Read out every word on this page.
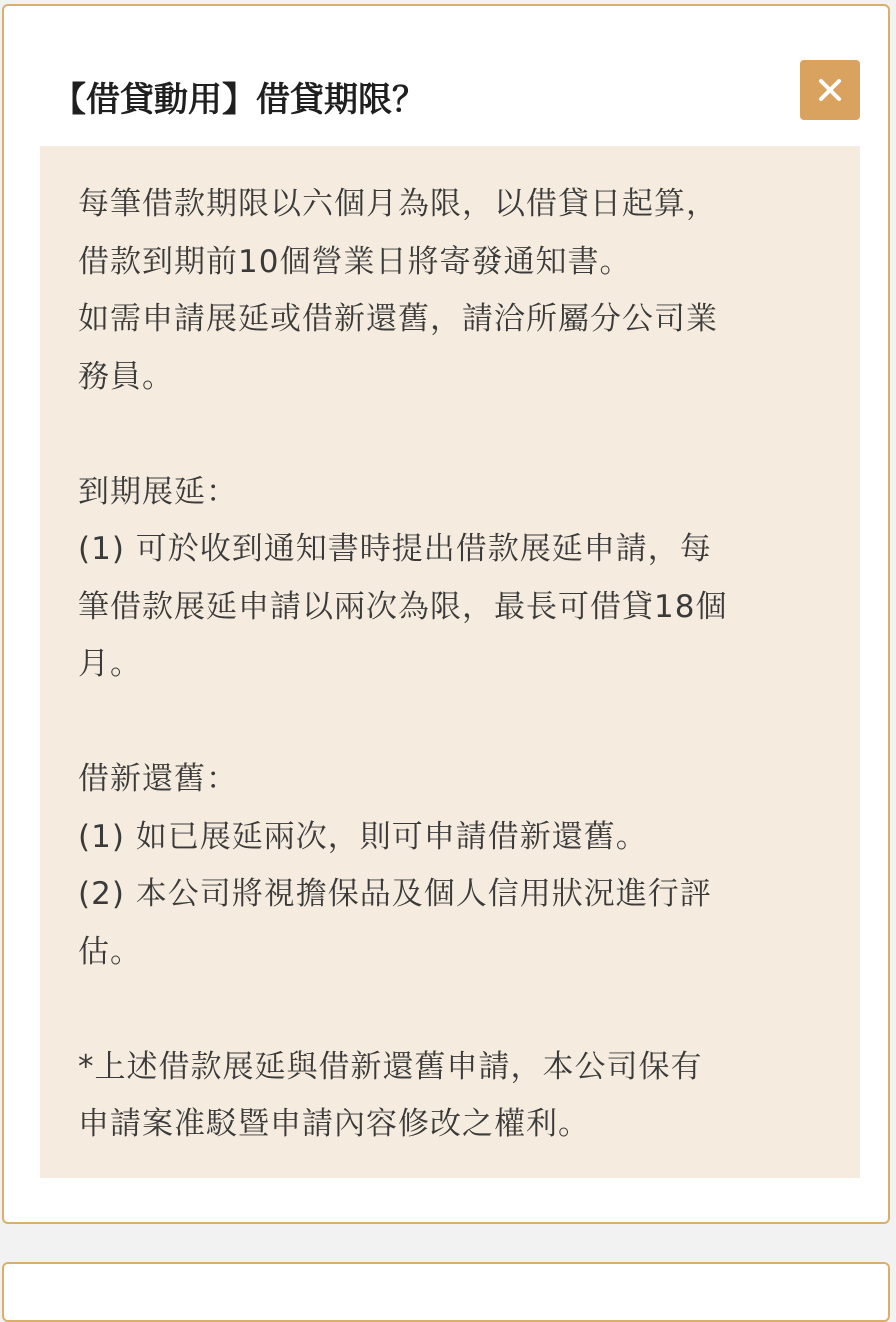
【借貸動用】借貸期限？

每筆借款期限以六個月為限，以借貸日起算，

借款到期前10個營業日將寄發通知書。

如需申請展延或借新還舊，請洽所屬分公司業

務員。

到期展延：

(1) 可於收到通知書時提出借款展延申請，每

筆借款展延申請以兩次為限，最長可借貸18個

月。

借新還舊：

(1) 如已展延兩次，則可申請借新還舊。

(2) 本公司將視擔保品及個人信用狀況進行評

估。

*上述借款展延與借新還舊申請，本公司保有

申請案准駁暨申請內容修改之權利。
